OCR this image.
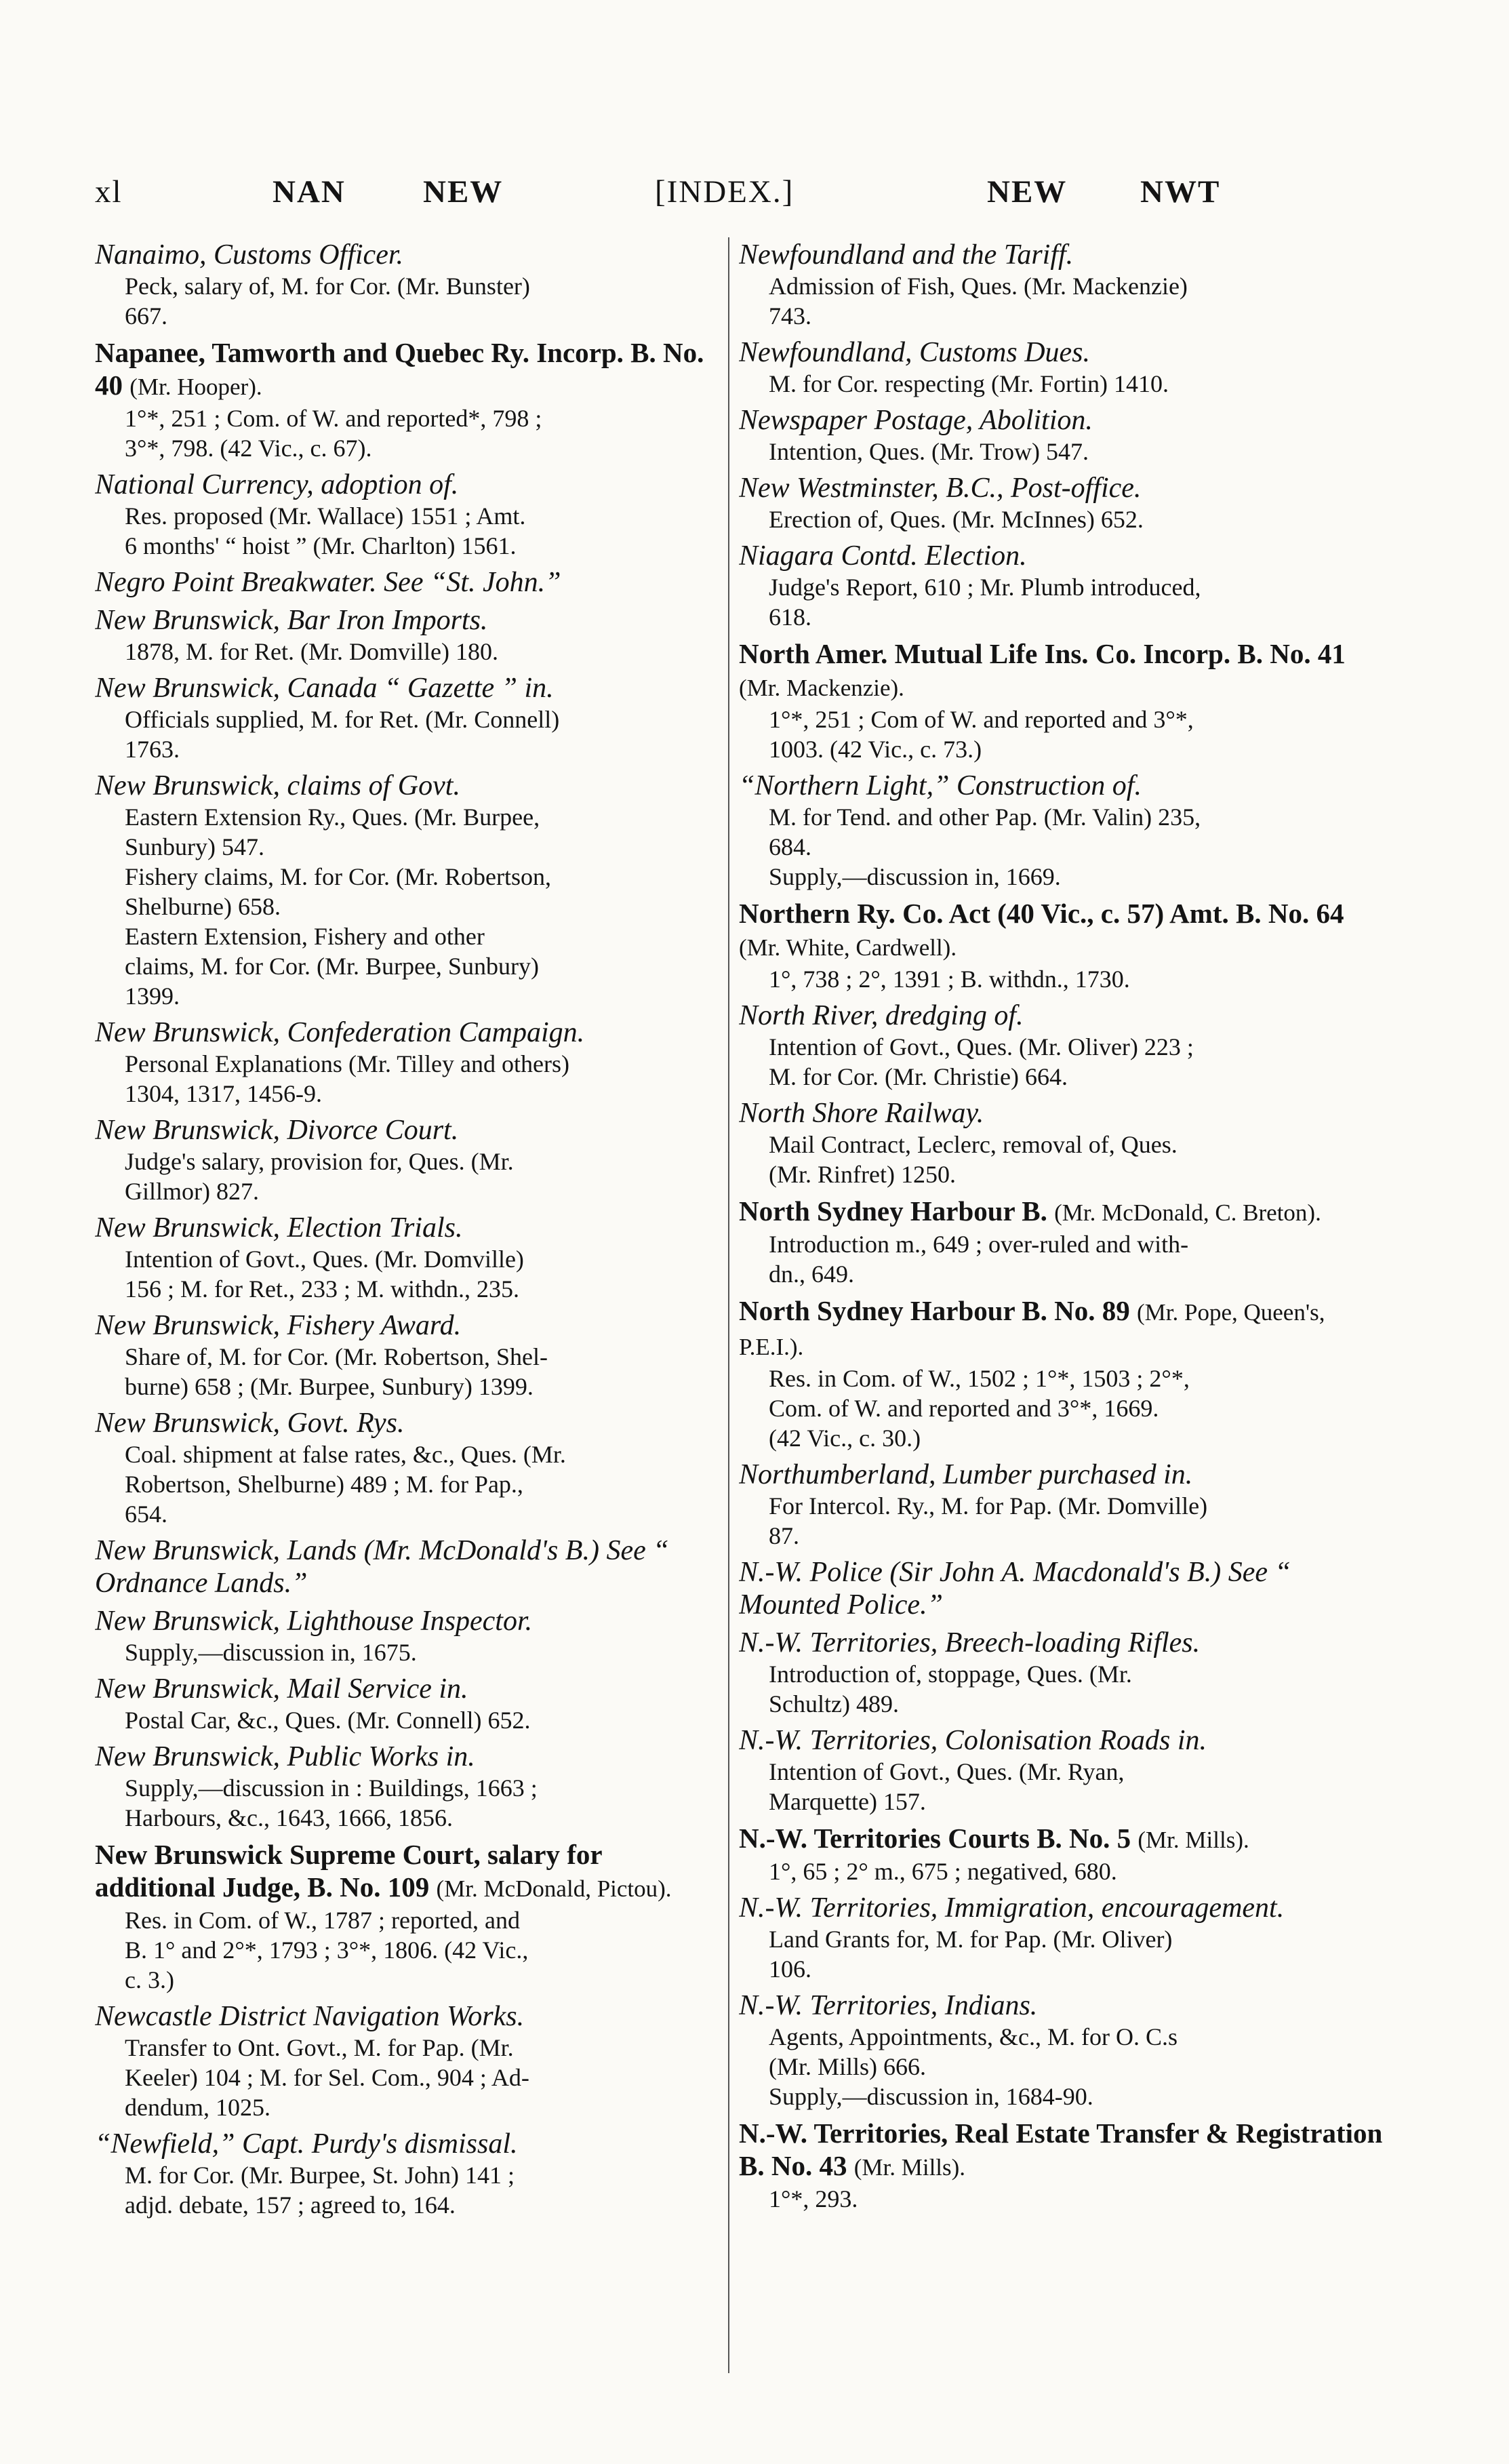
xl	NAN NEW	[INDEX.]	NEW NWT
Nanaimo, Customs Officer.
Peck, salary of, M. for Cor. (Mr. Bunster)
667.
Napanee, Tamworth and Quebec Ry. Incorp. B. No. 40 (Mr. Hooper).
1°*, 251 ; Com. of W. and reported*, 798 ;
3°*, 798. (42 Vic., c. 67).
National Currency, adoption of.
Res. proposed (Mr. Wallace) 1551 ; Amt.
6 months' “ hoist ” (Mr. Charlton) 1561.
Negro Point Breakwater. See “St. John.”
New Brunswick, Bar Iron Imports.
1878, M. for Ret. (Mr. Domville) 180.
New Brunswick, Canada “ Gazette ” in.
Officials supplied, M. for Ret. (Mr. Connell)
1763.
New Brunswick, claims of Govt.
Eastern Extension Ry., Ques. (Mr. Burpee,
Sunbury) 547.
Fishery claims, M. for Cor. (Mr. Robertson,
Shelburne) 658.
Eastern Extension, Fishery and other
claims, M. for Cor. (Mr. Burpee, Sunbury)
1399.
New Brunswick, Confederation Campaign.
Personal Explanations (Mr. Tilley and others)
1304, 1317, 1456-9.
New Brunswick, Divorce Court.
Judge's salary, provision for, Ques. (Mr.
Gillmor) 827.
New Brunswick, Election Trials.
Intention of Govt., Ques. (Mr. Domville)
156 ; M. for Ret., 233 ; M. withdn., 235.
New Brunswick, Fishery Award.
Share of, M. for Cor. (Mr. Robertson, Shel-
burne) 658 ; (Mr. Burpee, Sunbury) 1399.
New Brunswick, Govt. Rys.
Coal. shipment at false rates, &c., Ques. (Mr.
Robertson, Shelburne) 489 ; M. for Pap.,
654.
New Brunswick, Lands (Mr. McDonald's B.) See “ Ordnance Lands.”
New Brunswick, Lighthouse Inspector.
Supply,—discussion in, 1675.
New Brunswick, Mail Service in.
Postal Car, &c., Ques. (Mr. Connell) 652.
New Brunswick, Public Works in.
Supply,—discussion in : Buildings, 1663 ;
Harbours, &c., 1643, 1666, 1856.
New Brunswick Supreme Court, salary for additional Judge, B. No. 109 (Mr. McDonald, Pictou).
Res. in Com. of W., 1787 ; reported, and
B. 1° and 2°*, 1793 ; 3°*, 1806. (42 Vic.,
c. 3.)
Newcastle District Navigation Works.
Transfer to Ont. Govt., M. for Pap. (Mr.
Keeler) 104 ; M. for Sel. Com., 904 ; Ad-
dendum, 1025.
“Newfield,” Capt. Purdy's dismissal.
M. for Cor. (Mr. Burpee, St. John) 141 ;
adjd. debate, 157 ; agreed to, 164.
Newfoundland and the Tariff.
Admission of Fish, Ques. (Mr. Mackenzie)
743.
Newfoundland, Customs Dues.
M. for Cor. respecting (Mr. Fortin) 1410.
Newspaper Postage, Abolition.
Intention, Ques. (Mr. Trow) 547.
New Westminster, B.C., Post-office.
Erection of, Ques. (Mr. McInnes) 652.
Niagara Contd. Election.
Judge's Report, 610 ; Mr. Plumb introduced,
618.
North Amer. Mutual Life Ins. Co. Incorp. B. No. 41 (Mr. Mackenzie).
1°*, 251 ; Com of W. and reported and 3°*,
1003. (42 Vic., c. 73.)
“Northern Light,” Construction of.
M. for Tend. and other Pap. (Mr. Valin) 235,
684.
Supply,—discussion in, 1669.
Northern Ry. Co. Act (40 Vic., c. 57) Amt. B. No. 64 (Mr. White, Cardwell).
1°, 738 ; 2°, 1391 ; B. withdn., 1730.
North River, dredging of.
Intention of Govt., Ques. (Mr. Oliver) 223 ;
M. for Cor. (Mr. Christie) 664.
North Shore Railway.
Mail Contract, Leclerc, removal of, Ques.
(Mr. Rinfret) 1250.
North Sydney Harbour B. (Mr. McDonald, C. Breton).
Introduction m., 649 ; over-ruled and with-
dn., 649.
North Sydney Harbour B. No. 89 (Mr. Pope, Queen's, P.E.I.).
Res. in Com. of W., 1502 ; 1°*, 1503 ; 2°*,
Com. of W. and reported and 3°*, 1669.
(42 Vic., c. 30.)
Northumberland, Lumber purchased in.
For Intercol. Ry., M. for Pap. (Mr. Domville)
87.
N.-W. Police (Sir John A. Macdonald's B.) See “ Mounted Police.”
N.-W. Territories, Breech-loading Rifles.
Introduction of, stoppage, Ques. (Mr.
Schultz) 489.
N.-W. Territories, Colonisation Roads in.
Intention of Govt., Ques. (Mr. Ryan,
Marquette) 157.
N.-W. Territories Courts B. No. 5 (Mr. Mills).
1°, 65 ; 2° m., 675 ; negatived, 680.
N.-W. Territories, Immigration, encouragement.
Land Grants for, M. for Pap. (Mr. Oliver)
106.
N.-W. Territories, Indians.
Agents, Appointments, &c., M. for O. C.s
(Mr. Mills) 666.
Supply,—discussion in, 1684-90.
N.-W. Territories, Real Estate Transfer & Registration B. No. 43 (Mr. Mills).
1°*, 293.
